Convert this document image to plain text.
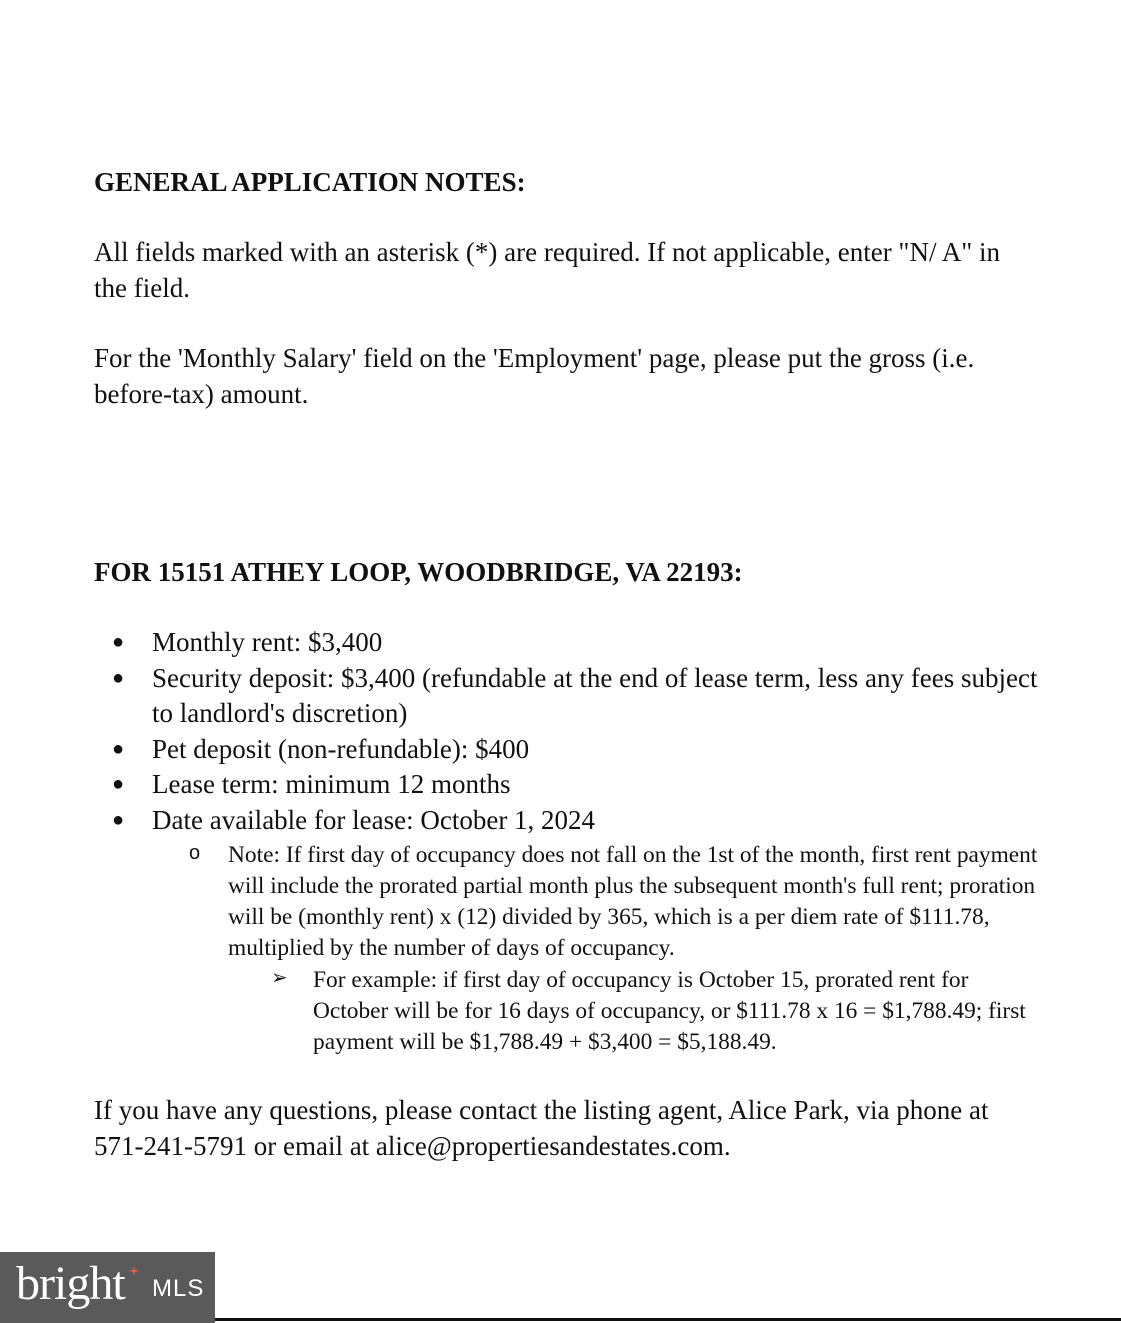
GENERAL APPLICATION NOTES:

All fields marked with an asterisk (*) are required. If not applicable, enter "N/ A" in the field.

For the 'Monthly Salary' field on the 'Employment' page, please put the gross (i.e. before-tax) amount.

FOR 15151 ATHEY LOOP, WOODBRIDGE, VA 22193:
● Monthly rent: $3,400
● Security deposit: $3,400 (refundable at the end of lease term, less any fees subject to landlord's discretion)
● Pet deposit (non-refundable): $400
● Lease term: minimum 12 months
● Date available for lease: October 1, 2024
o Note: If first day of occupancy does not fall on the 1st of the month, first rent payment will include the prorated partial month plus the subsequent month's full rent; proration will be (monthly rent) x (12) divided by 365, which is a per diem rate of $111.78, multiplied by the number of days of occupancy.

➢ For example: if first day of occupancy is October 15, prorated rent for October will be for 16 days of occupancy, or $111.78 x 16 = $1,788.49; first payment will be $1,788.49 + $3,400 = $5,188.49.

If you have any questions, please contact the listing agent, Alice Park, via phone at 571-241-5791 or email at alice@propertiesandestates.com.

bright MLS
